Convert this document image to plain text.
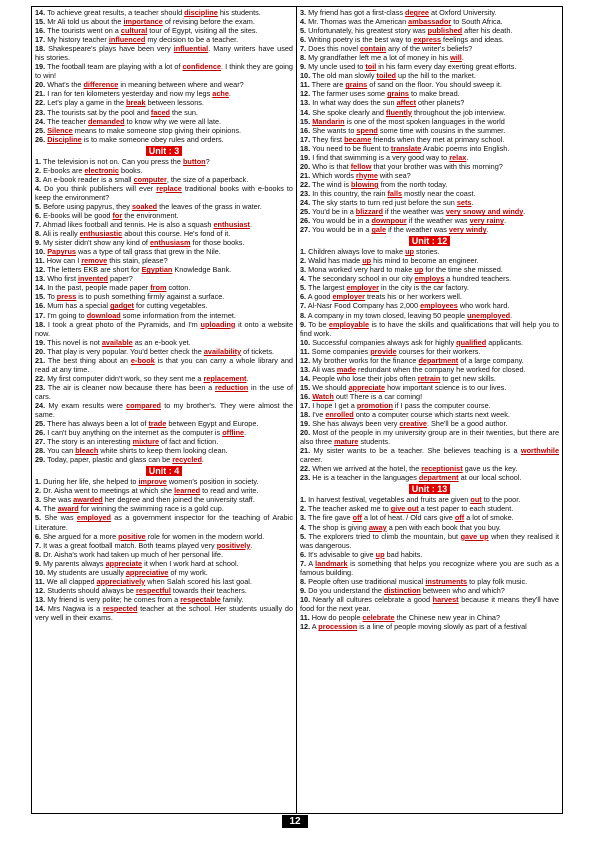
14. To achieve great results, a teacher should discipline his students.
15. Mr Ali told us about the importance of revising before the exam.
16. The tourists went on a cultural tour of Egypt, visiting all the sites.
17. My history teacher influenced my decision to be a teacher.
18. Shakespeare's plays have been very influential. Many writers have used his stories.
19. The football team are playing with a lot of confidence. I think they are going to win!
20. What's the difference in meaning between where and wear?
21. I ran for ten kilometers yesterday and now my legs ache.
22. Let's play a game in the break between lessons.
23. The tourists sat by the pool and faced the sun.
24. The teacher demanded to know why we were all late.
25. Silence means to make someone stop giving their opinions.
26. Discipline is to make someone obey rules and orders.
Unit : 3
1. The television is not on. Can you press the button?
2. E-books are electronic books.
3. An e-book reader is a small computer, the size of a paperback.
4. Do you think publishers will ever replace traditional books with e-books to keep the environment?
5. Before using papyrus, they soaked the leaves of the grass in water.
6. E-books will be good for the environment.
7. Ahmad likes football and tennis. He is also a squash enthusiast.
8. Ali is really enthusiastic about this course. He's fond of it.
9. My sister didn't show any kind of enthusiasm for those books.
10. Papyrus was a type of tall grass that grew in the Nile.
11. How can I remove this stain, please?
12. The letters EKB are short for Egyptian Knowledge Bank.
13. Who first invented paper?
14. In the past, people made paper from cotton.
15. To press is to push something firmly against a surface.
16. Mum has a special gadget for cutting vegetables.
17. I'm going to download some information from the internet.
18. I took a great photo of the Pyramids, and I'm uploading it onto a website now.
19. This novel is not available as an e-book yet.
20. That play is very popular. You'd better check the availability of tickets.
21. The best thing about an e-book is that you can carry a whole library and read at any time.
22. My first computer didn't work, so they sent me a replacement.
23. The air is cleaner now because there has been a reduction in the use of cars.
24. My exam results were compared to my brother's. They were almost the same.
25. There has always been a lot of trade between Egypt and Europe.
26. I can't buy anything on the internet as the computer is offline.
27. The story is an interesting mixture of fact and fiction.
28. You can bleach white shirts to keep them looking clean.
29. Today, paper, plastic and glass can be recycled.
Unit : 4
1. During her life, she helped to improve women's position in society.
2. Dr. Aisha went to meetings at which she learned to read and write.
3. She was awarded her degree and then joined the university staff.
4. The award for winning the swimming race is a gold cup.
5. She was employed as a government inspector for the teaching of Arabic Literature.
6. She argued for a more positive role for women in the modern world.
7. It was a great football match. Both teams played very positively.
8. Dr. Aisha's work had taken up much of her personal life.
9. My parents always appreciate it when I work hard at school.
10. My students are usually appreciative of my work.
11. We all clapped appreciatively when Salah scored his last goal.
12. Students should always be respectful towards their teachers.
13. My friend is very polite; he comes from a respectable family.
14. Mrs Nagwa is a respected teacher at the school. Her students usually do very well in their exams.
3. My friend has got a first-class degree at Oxford University.
4. Mr. Thomas was the American ambassador to South Africa.
5. Unfortunately, his greatest story was published after his death.
6. Writing poetry is the best way to express feelings and ideas.
7. Does this novel contain any of the writer's beliefs?
8. My grandfather left me a lot of money in his will.
9. My uncle used to toil in his farm every day exerting great efforts.
10. The old man slowly toiled up the hill to the market.
11. There are grains of sand on the floor. You should sweep it.
12. The farmer uses some grains to make bread.
13. In what way does the sun affect other planets?
14. She spoke clearly and fluently throughout the job interview.
15. Mandarin is one of the most spoken languages in the world
16. She wants to spend some time with cousins in the summer.
17. They first became friends when they met at primary school.
18. You need to be fluent to translate Arabic poems into English.
19. I find that swimming is a very good way to relax.
20. Who is that fellow that your brother was with this morning?
21. Which words rhyme with sea?
22. The wind is blowing from the north today.
23. In this country, the rain falls mostly near the coast.
24. The sky starts to turn red just before the sun sets.
25. You'd be in a blizzard if the weather was very snowy and windy.
26. You would be in a downpour if the weather was very rainy.
27. You would be in a gale if the weather was very windy.
Unit : 12
1. Children always love to make up stories.
2. Walid has made up his mind to become an engineer.
3. Mona worked very hard to make up for the time she missed.
4. The secondary school in our city employs a hundred teachers.
5. The largest employer in the city is the car factory.
6. A good employer treats his or her workers well.
7. Al-Nasr Food Company has 2,000 employees who work hard.
8. A company in my town closed, leaving 50 people unemployed.
9. To be employable is to have the skills and qualifications that will help you to find work.
10. Successful companies always ask for highly qualified applicants.
11. Some companies provide courses for their workers.
12. My brother works for the finance department of a large company.
13. Ali was made redundant when the company he worked for closed.
14. People who lose their jobs often retrain to get new skills.
15. We should appreciate how important science is to our lives.
16. Watch out! There is a car coming!
17. I hope I get a promotion if I pass the computer course.
18. I've enrolled onto a computer course which starts next week.
19. She has always been very creative. She'll be a good author.
20. Most of the people in my university group are in their twenties, but there are also three mature students.
21. My sister wants to be a teacher. She believes teaching is a worthwhile career.
22. When we arrived at the hotel, the receptionist gave us the key.
23. He is a teacher in the languages department at our local school.
Unit : 13
1. In harvest festival, vegetables and fruits are given out to the poor.
2. The teacher asked me to give out a test paper to each student.
3. The fire gave off a lot of heat. / Old cars give off a lot of smoke.
4. The shop is giving away a pen with each book that you buy.
5. The explorers tried to climb the mountain, but gave up when they realised it was dangerous.
6. It's advisable to give up bad habits.
7. A landmark is something that helps you recognize where you are such as a famous building.
8. People often use traditional musical instruments to play folk music.
9. Do you understand the distinction between who and which?
10. Nearly all cultures celebrate a good harvest because it means they'll have food for the next year.
11. How do people celebrate the Chinese new year in China?
12. A procession is a line of people moving slowly as part of a festival
12
